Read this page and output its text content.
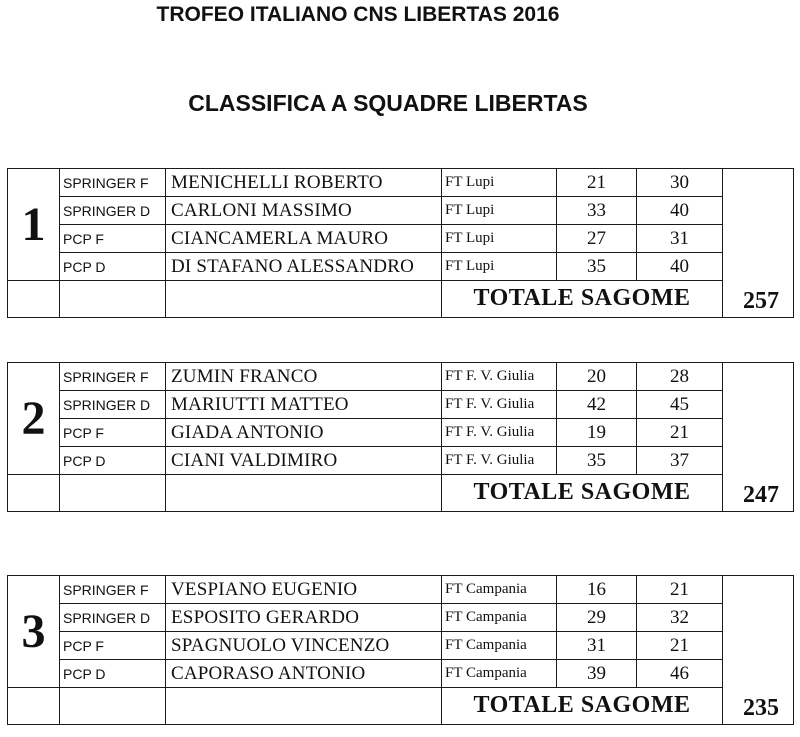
TROFEO ITALIANO CNS LIBERTAS 2016
CLASSIFICA A SQUADRE LIBERTAS
1	SPRINGER F	MENICHELLI ROBERTO	FT Lupi	21	30	
	SPRINGER D	CARLONI MASSIMO	FT Lupi	33	40	
	PCP F	CIANCAMERLA MAURO	FT Lupi	27	31	
	PCP D	DI STAFANO ALESSANDRO	FT Lupi	35	40	
			TOTALE SAGOME			257
2	SPRINGER F	ZUMIN FRANCO	FT F. V. Giulia	20	28	
	SPRINGER D	MARIUTTI MATTEO	FT F. V. Giulia	42	45	
	PCP F	GIADA ANTONIO	FT F. V. Giulia	19	21	
	PCP D	CIANI VALDIMIRO	FT F. V. Giulia	35	37	
			TOTALE SAGOME			247
3	SPRINGER F	VESPIANO EUGENIO	FT Campania	16	21	
	SPRINGER D	ESPOSITO GERARDO	FT Campania	29	32	
	PCP F	SPAGNUOLO VINCENZO	FT Campania	31	21	
	PCP D	CAPORASO ANTONIO	FT Campania	39	46	
			TOTALE SAGOME			235
